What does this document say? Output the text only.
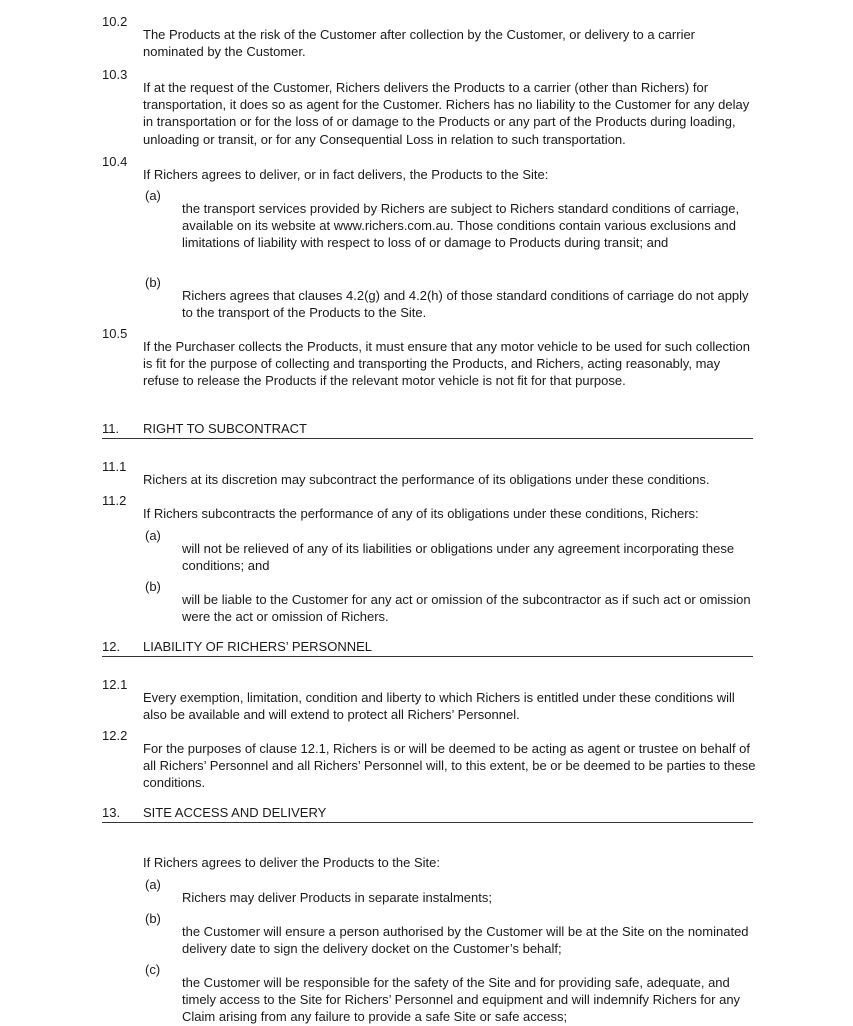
10.2

The Products at the risk of the Customer after collection by the Customer, or delivery to a carrier nominated by the Customer.

10.3

If at the request of the Customer, Richers delivers the Products to a carrier (other than Richers) for transportation, it does so as agent for the Customer. Richers has no liability to the Customer for any delay in transportation or for the loss of or damage to the Products or any part of the Products during loading, unloading or transit, or for any Consequential Loss in relation to such transportation.

10.4

If Richers agrees to deliver, or in fact delivers, the Products to the Site:

(a)

the transport services provided by Richers are subject to Richers standard conditions of carriage, available on its website at www.richers.com.au. Those conditions contain various exclusions and limitations of liability with respect to loss of or damage to Products during transit; and

(b)

Richers agrees that clauses 4.2(g) and 4.2(h) of those standard conditions of carriage do not apply to the transport of the Products to the Site.

10.5

If the Purchaser collects the Products, it must ensure that any motor vehicle to be used for such collection is fit for the purpose of collecting and transporting the Products, and Richers, acting reasonably, may refuse to release the Products if the relevant motor vehicle is not fit for that purpose.

11. RIGHT TO SUBCONTRACT
11.1

Richers at its discretion may subcontract the performance of its obligations under these conditions.

11.2

If Richers subcontracts the performance of any of its obligations under these conditions, Richers:

(a)

will not be relieved of any of its liabilities or obligations under any agreement incorporating these conditions; and

(b)

will be liable to the Customer for any act or omission of the subcontractor as if such act or omission were the act or omission of Richers.

12. LIABILITY OF RICHERS’ PERSONNEL
12.1

Every exemption, limitation, condition and liberty to which Richers is entitled under these conditions will also be available and will extend to protect all Richers’ Personnel.

12.2

For the purposes of clause 12.1, Richers is or will be deemed to be acting as agent or trustee on behalf of all Richers’ Personnel and all Richers’ Personnel will, to this extent, be or be deemed to be parties to these conditions.

13. SITE ACCESS AND DELIVERY

If Richers agrees to deliver the Products to the Site:

(a)

Richers may deliver Products in separate instalments;

(b)

the Customer will ensure a person authorised by the Customer will be at the Site on the nominated delivery date to sign the delivery docket on the Customer’s behalf;

(c)

the Customer will be responsible for the safety of the Site and for providing safe, adequate, and timely access to the Site for Richers’ Personnel and equipment and will indemnify Richers for any Claim arising from any failure to provide a safe Site or safe access;
